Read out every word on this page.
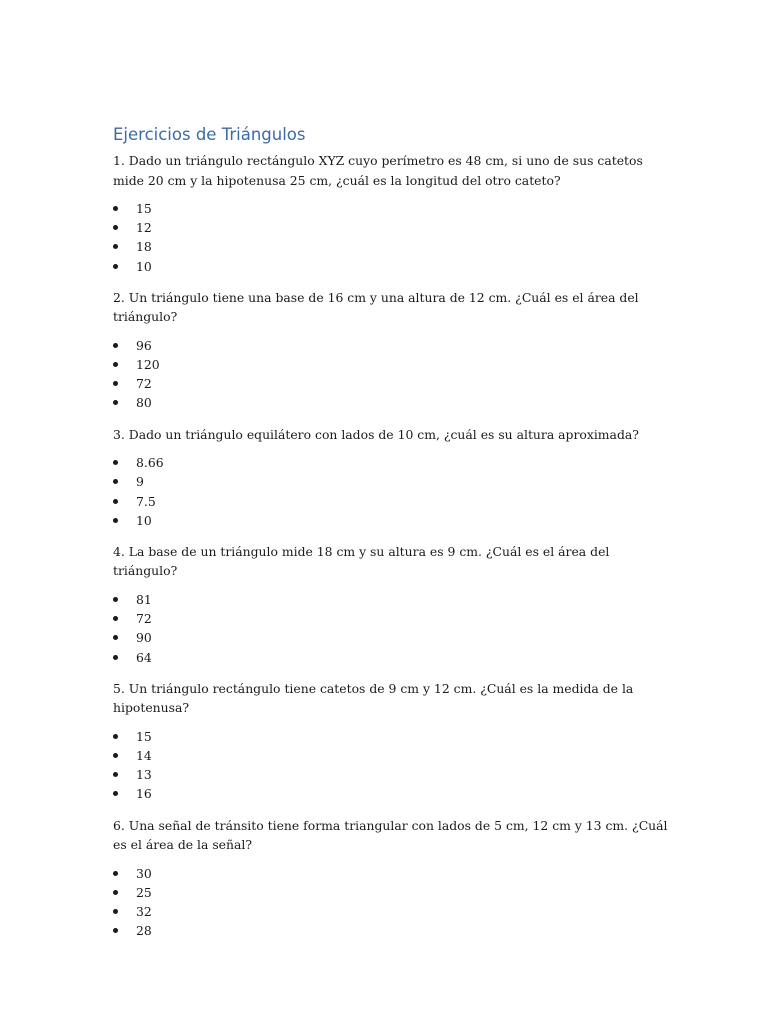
Ejercicios de Triángulos

1. Dado un triángulo rectángulo XYZ cuyo perímetro es 48 cm, si uno de sus catetos mide 20 cm y la hipotenusa 25 cm, ¿cuál es la longitud del otro cateto?

15
12
18
10

2. Un triángulo tiene una base de 16 cm y una altura de 12 cm. ¿Cuál es el área del triángulo?

96
120
72
80

3. Dado un triángulo equilátero con lados de 10 cm, ¿cuál es su altura aproximada?

8.66
9
7.5
10

4. La base de un triángulo mide 18 cm y su altura es 9 cm. ¿Cuál es el área del triángulo?

81
72
90
64

5. Un triángulo rectángulo tiene catetos de 9 cm y 12 cm. ¿Cuál es la medida de la hipotenusa?

15
14
13
16

6. Una señal de tránsito tiene forma triangular con lados de 5 cm, 12 cm y 13 cm. ¿Cuál es el área de la señal?

30
25
32
28
